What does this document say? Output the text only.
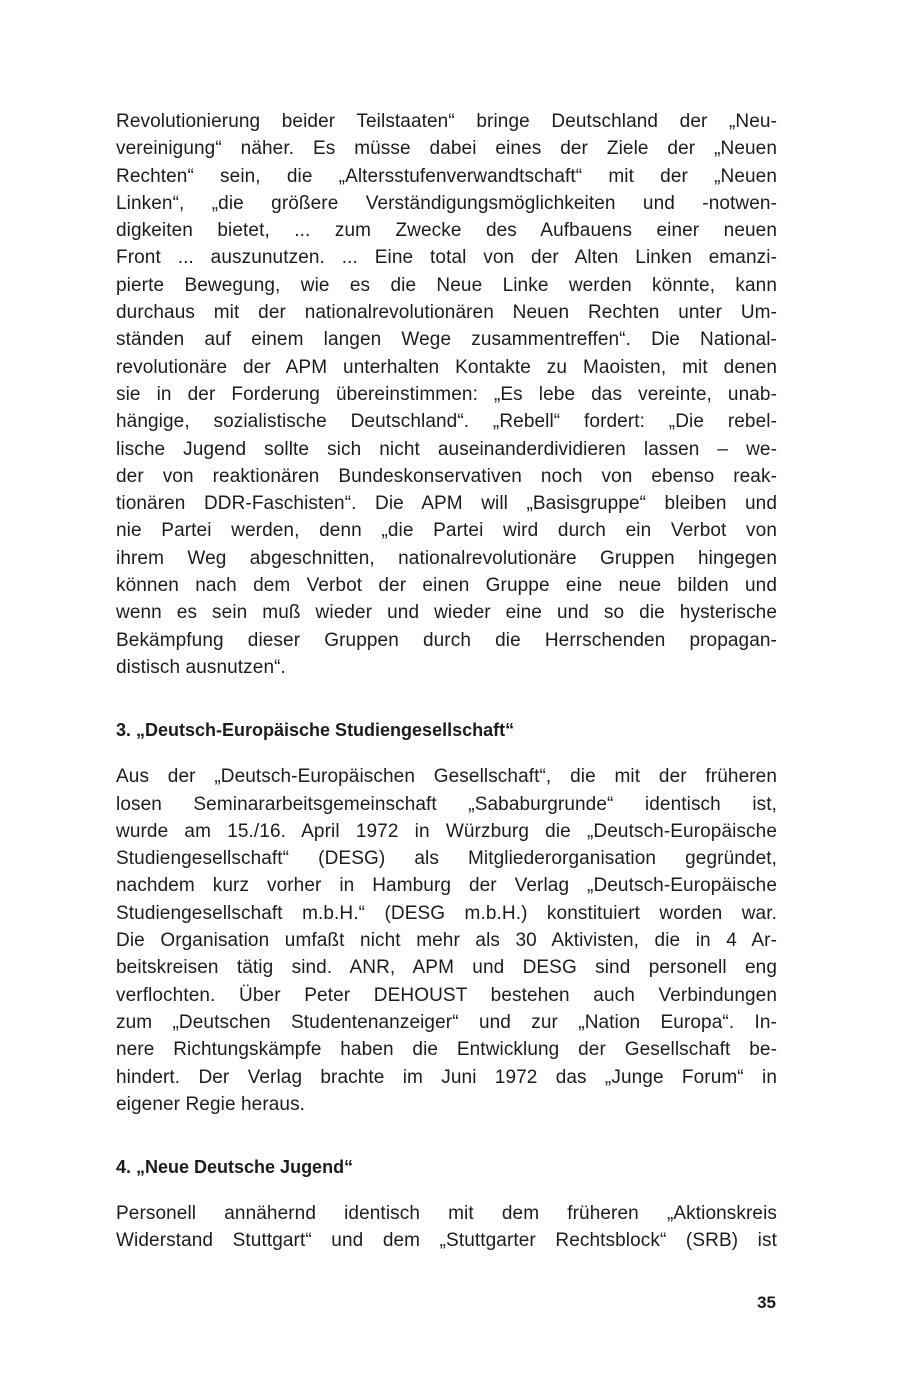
Revolutionierung beider Teilstaaten“ bringe Deutschland der „Neu-
vereinigung“ näher. Es müsse dabei eines der Ziele der „Neuen
Rechten“ sein, die „Altersstufenverwandtschaft“ mit der „Neuen
Linken“, „die größere Verständigungsmöglichkeiten und -notwen-
digkeiten bietet, ... zum Zwecke des Aufbauens einer neuen
Front ... auszunutzen. ... Eine total von der Alten Linken emanzi-
pierte Bewegung, wie es die Neue Linke werden könnte, kann
durchaus mit der nationalrevolutionären Neuen Rechten unter Um-
ständen auf einem langen Wege zusammentreffen“. Die National-
revolutionäre der APM unterhalten Kontakte zu Maoisten, mit denen
sie in der Forderung übereinstimmen: „Es lebe das vereinte, unab-
hängige, sozialistische Deutschland“. „Rebell“ fordert: „Die rebel-
lische Jugend sollte sich nicht auseinanderdividieren lassen – we-
der von reaktionären Bundeskonservativen noch von ebenso reak-
tionären DDR-Faschisten“. Die APM will „Basisgruppe“ bleiben und
nie Partei werden, denn „die Partei wird durch ein Verbot von
ihrem Weg abgeschnitten, nationalrevolutionäre Gruppen hingegen
können nach dem Verbot der einen Gruppe eine neue bilden und
wenn es sein muß wieder und wieder eine und so die hysterische
Bekämpfung dieser Gruppen durch die Herrschenden propagan-
distisch ausnutzen“.

3. „Deutsch-Europäische Studiengesellschaft“

Aus der „Deutsch-Europäischen Gesellschaft“, die mit der früheren
losen Seminararbeitsgemeinschaft „Sababurgrunde“ identisch ist,
wurde am 15./16. April 1972 in Würzburg die „Deutsch-Europäische
Studiengesellschaft“ (DESG) als Mitgliederorganisation gegründet,
nachdem kurz vorher in Hamburg der Verlag „Deutsch-Europäische
Studiengesellschaft m.b.H.“ (DESG m.b.H.) konstituiert worden war.
Die Organisation umfaßt nicht mehr als 30 Aktivisten, die in 4 Ar-
beitskreisen tätig sind. ANR, APM und DESG sind personell eng
verflochten. Über Peter DEHOUST bestehen auch Verbindungen
zum „Deutschen Studentenanzeiger“ und zur „Nation Europa“. In-
nere Richtungskämpfe haben die Entwicklung der Gesellschaft be-
hindert. Der Verlag brachte im Juni 1972 das „Junge Forum“ in
eigener Regie heraus.

4. „Neue Deutsche Jugend“

Personell annähernd identisch mit dem früheren „Aktionskreis
Widerstand Stuttgart“ und dem „Stuttgarter Rechtsblock“ (SRB) ist

35
